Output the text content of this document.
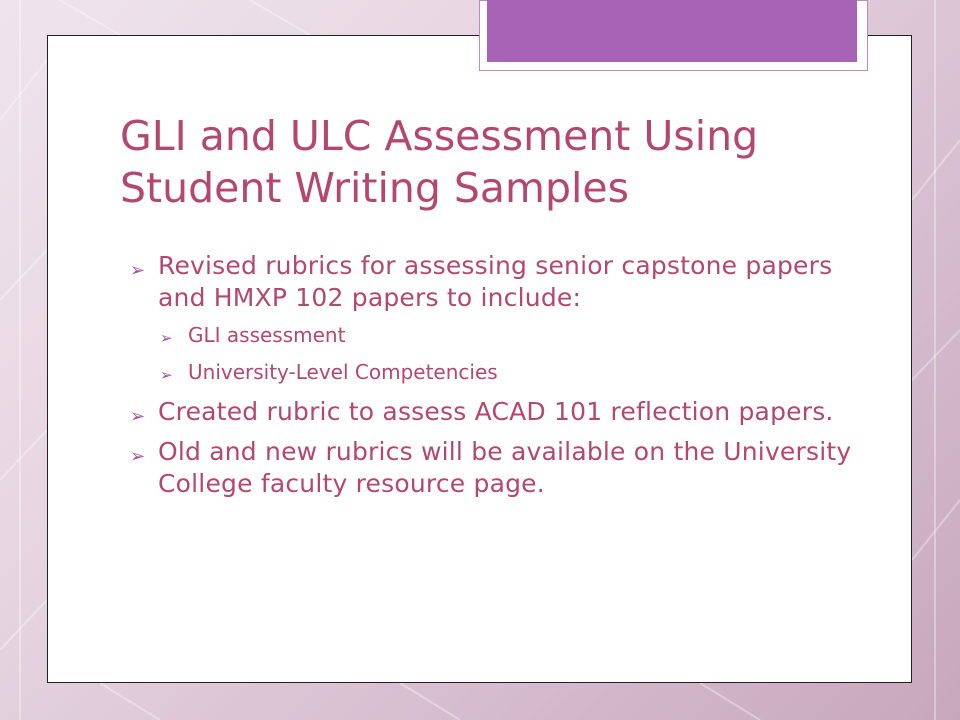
GLI and ULC Assessment Using Student Writing Samples
➢ Revised rubrics for assessing senior capstone papers and HMXP 102 papers to include:
➢ GLI assessment
➢ University-Level Competencies
➢ Created rubric to assess ACAD 101 reflection papers.
➢ Old and new rubrics will be available on the University College faculty resource page.
